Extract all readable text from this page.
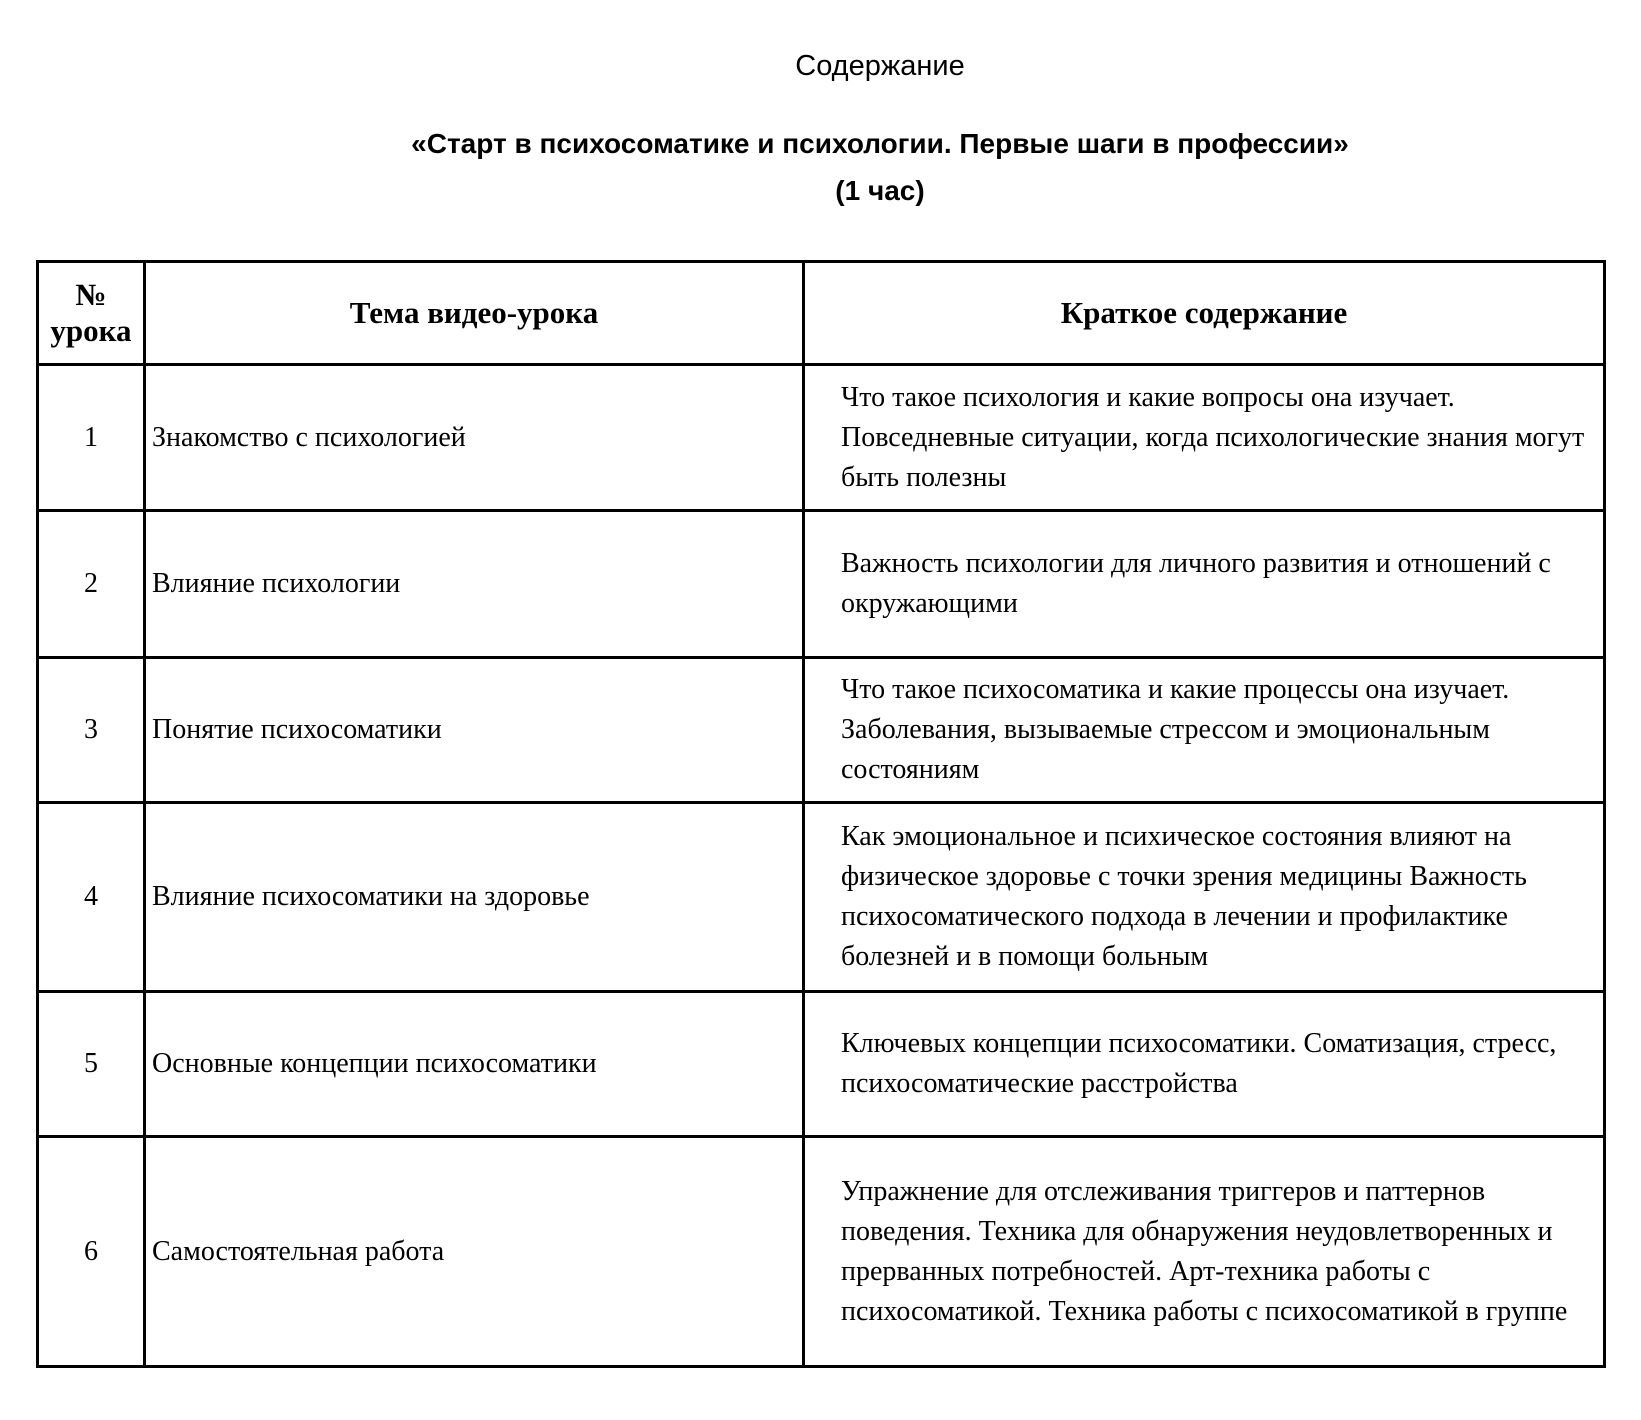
Содержание
«Старт в психосоматике и психологии. Первые шаги в профессии»
(1 час)
№
урока	Тема видео-урока	Краткое содержание
1	Знакомство с психологией	Что такое психология и какие вопросы она изучает. Повседневные ситуации, когда психологические знания могут быть полезны
2	Влияние психологии	Важность психологии для личного развития и отношений с окружающими
3	Понятие психосоматики	Что такое психосоматика и какие процессы она изучает. Заболевания, вызываемые стрессом и эмоциональным состояниям
4	Влияние психосоматики на здоровье	Как эмоциональное и психическое состояния влияют на физическое здоровье с точки зрения медицины Важность психосоматического подхода в лечении и профилактике болезней и в помощи больным
5	Основные концепции психосоматики	Ключевых концепции психосоматики. Соматизация, стресс, психосоматические расстройства
6	Самостоятельная работа	Упражнение для отслеживания триггеров и паттернов поведения. Техника для обнаружения неудовлетворенных и прерванных потребностей. Арт-техника работы с психосоматикой. Техника работы с психосоматикой в группе
